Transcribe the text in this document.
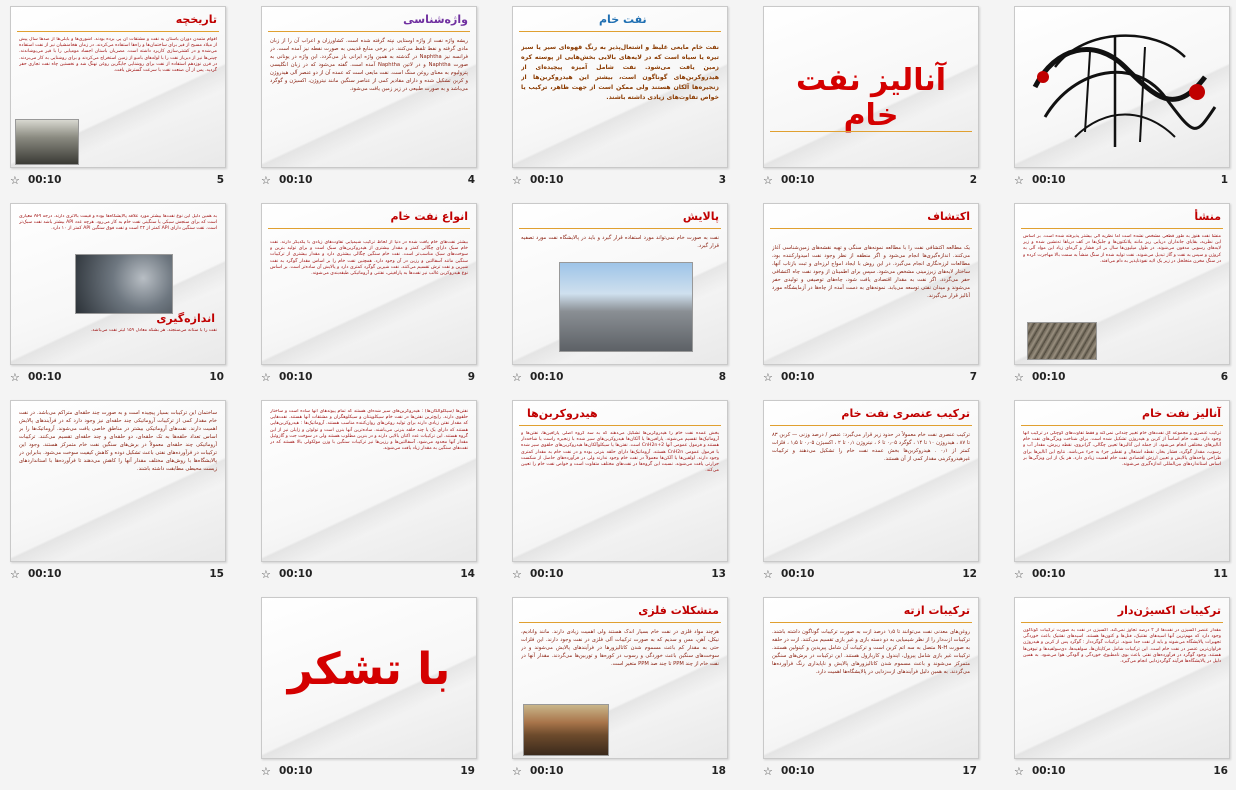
☆ 00:10	1
آنالیز نفت خام
☆ 00:10	2
نفت خام
نفت خام مایعی غلیظ و اشتعال‌پذیر به رنگ قهوه‌ای سیر یا سبز تیره یا سیاه است که در لایه‌های بالایی بخش‌هایی از پوسته کره زمین یافت می‌شود. نفت شامل آمیزه پیچیده‌ای از هیدروکربن‌های گوناگون است، بیشتر این هیدروکربن‌ها از زنجیره‌ها آلکان هستند ولی ممکن است از جهت ظاهر، ترکیب یا خواص تفاوت‌های زیادی داشته باشند.
☆ 00:10	3
واژه‌شناسی
ریشه واژه نفت از واژه اوستایی نپته گرفته شده است. کشاورزان و اعراب آن را از زبان مادی گرفته و نفط تلفظ می‌کنند. در برخی منابع قدیمی به صورت نفطه نیز آمده است. در فرانسه نیز Naphtha در گذشته به همین واژه ایرانی باز می‌گردد. این واژه در یونانی به صورت Naphtha و در لاتین Naphtha آمده است. گفته می‌شود که در زبان انگلیسی پترولیوم به معنای روغن سنگ است. نفت مایعی است که عمده آن از دو عنصر آلی هیدروژن و کربن تشکیل شده و دارای مقادیر کمی از عناصر سنگین مانند نیتروژن، اکسیژن و گوگرد می‌باشد و به صورت طبیعی در زیر زمین یافت می‌شود.
☆ 00:10	4
تاریخچه
اقوام متمدن دوران باستان به نفت و مشتقات آن پی برده بودند. آشوری‌ها و بابلی‌ها از صدها سال پیش از میلاد مسیح از قیر برای ساختمان‌ها و راه‌ها استفاده می‌کردند. در زمان هخامنشیان نیز از نفت استفاده می‌شده و در کشتی‌سازی کاربرد داشته است. مصریان باستان اجساد مومیایی را با قیر می‌پوشاندند. چینی‌ها نیز از دیرباز نفت را با لوله‌های بامبو از زمین استخراج می‌کردند و برای روشنایی به کار می‌بردند. در قرن نوزدهم استفاده از نفت برای روشنایی جایگزین روغن نهنگ شد و نخستین چاه نفت تجاری حفر گردید. پس از آن صنعت نفت با سرعت گسترش یافت.
☆ 00:10	5
منشأ
منشأ نفت هنوز به طور قطعی مشخص نشده است اما نظریه آلی بیشتر پذیرفته شده است. بر اساس این نظریه، بقایای جانداران دریایی ریز مانند پلانکتون‌ها و جلبک‌ها در کف دریاها ته‌نشین شده و زیر لایه‌های رسوبی مدفون می‌شوند. در طول میلیون‌ها سال بر اثر فشار و گرمای زیاد این مواد آلی به کروژن و سپس به نفت و گاز تبدیل می‌شوند. نفت تولید شده از سنگ منشأ به سمت بالا مهاجرت کرده و در سنگ مخزن متخلخل در زیر یک لایه نفوذناپذیر به دام می‌افتد.
☆ 00:10	6
اکتشاف
یک مطالعه اکتشافی نفت را با مطالعه نمونه‌های سنگی و تهیه نقشه‌های زمین‌شناسی آغاز می‌کنند. اندازه‌گیری‌ها انجام می‌شود و اگر منطقه از نظر وجود نفت امیدوارکننده بود، مطالعات لرزه‌نگاری انجام می‌گیرد. در این روش با ایجاد امواج لرزه‌ای و ثبت بازتاب آنها، ساختار لایه‌های زیرزمینی مشخص می‌شود. سپس برای اطمینان از وجود نفت چاه اکتشافی حفر می‌گردد. اگر نفت به مقدار اقتصادی یافت شود، چاه‌های توصیفی و تولیدی حفر می‌شوند و میدان نفتی توسعه می‌یابد. نمونه‌های به دست آمده از چاه‌ها در آزمایشگاه مورد آنالیز قرار می‌گیرند.
☆ 00:10	7
پالایش
نفت به صورت خام نمی‌تواند مورد استفاده قرار گیرد و باید در پالایشگاه نفت مورد تصفیه قرار گیرد.
☆ 00:10	8
انواع نفت خام
بیشتر نفت‌های خام یافت شده در دنیا از لحاظ ترکیب شیمیایی تفاوت‌های زیادی با یکدیگر دارند. نفت خام سبک دارای چگالی کمتر و مقدار بیشتری از هیدروکربن‌های سبک است و برای تولید بنزین و سوخت‌های سبک مناسب‌تر است. نفت خام سنگین چگالی بیشتری دارد و مقدار بیشتری از ترکیبات سنگین مانند آسفالتین و رزین در آن وجود دارد. همچنین نفت خام را بر اساس مقدار گوگرد به نفت شیرین و نفت ترش تقسیم می‌کنند. نفت شیرین گوگرد کمتری دارد و پالایش آن ساده‌تر است. بر اساس نوع هیدروکربن غالب نیز نفت‌ها به پارافینی، نفتنی و آروماتیکی طبقه‌بندی می‌شوند.
☆ 00:10	9
به همین دلیل این نوع نفت‌ها بیشتر مورد علاقه پالایشگاه‌ها بوده و قیمت بالاتری دارند. درجه API معیاری است که برای سنجش سبکی یا سنگینی نفت خام به کار می‌رود. هرچه عدد API بیشتر باشد نفت سبک‌تر است. نفت سنگین دارای API کمتر از ۲۲ است و نفت فوق سنگین API کمتر از ۱۰ دارد.
اندازه‌گیری
نفت را با ستانه می‌سنجند. هر بشکه معادل ۱۵۹ لیتر نفت می‌باشد.
☆ 00:10	10
آنالیز نفت خام
ترکیب عنصری و مجموعه کل نفت‌های خام تغییر چندانی نمی‌کند و فقط تفاوت‌های کوچکی در ترکیب آنها وجود دارد. نفت خام اساساً از کربن و هیدروژن تشکیل شده است. برای شناخت ویژگی‌های نفت خام آنالیزهای مختلفی انجام می‌شود. از جمله این آنالیزها تعیین چگالی، گرانروی، نقطه ریزش، مقدار آب و رسوب، مقدار گوگرد، فشار بخار، نقطه اشتعال و تقطیر جزء به جزء می‌باشد. نتایج این آنالیزها برای طراحی واحدهای پالایش و تعیین ارزش اقتصادی نفت خام اهمیت زیادی دارد. هر یک از این ویژگی‌ها بر اساس استانداردهای بین‌المللی اندازه‌گیری می‌شوند.
☆ 00:10	11
ترکیب عنصری نفت خام
ترکیب عنصری نفت خام معمولاً در حدود زیر قرار می‌گیرد: عنصر / درصد وزنی — کربن ۸۳ تا ۸۷ ، هیدروژن ۱۰ تا ۱۴ ، گوگرد ۰٫۰۵ تا ۶ ، نیتروژن ۰٫۱ تا ۲ ، اکسیژن ۰٫۰۵ تا ۱٫۵ ، فلزات کمتر از ۰٫۱ . هیدروکربن‌ها بخش عمده نفت خام را تشکیل می‌دهند و ترکیبات غیرهیدروکربنی مقدار کمی از آن هستند.
☆ 00:10	12
هیدروکربن‌ها
بخش عمده نفت خام را هیدروکربن‌ها تشکیل می‌دهند که به سه گروه اصلی پارافین‌ها، نفتن‌ها و آروماتیک‌ها تقسیم می‌شوند. پارافین‌ها یا آلکان‌ها هیدروکربن‌های سیر شده با زنجیره راست یا شاخه‌دار هستند و فرمول عمومی آنها CnH2n+2 است. نفتن‌ها یا سیکلوآلکان‌ها هیدروکربن‌های حلقوی سیر شده با فرمول عمومی CnH2n هستند. آروماتیک‌ها دارای حلقه بنزنی بوده و در نفت خام به مقدار کمتری وجود دارند. اولفین‌ها یا آلکن‌ها معمولاً در نفت خام وجود ندارند ولی در فرآورده‌های حاصل از شکست حرارتی یافت می‌شوند. نسبت این گروه‌ها در نفت‌های مختلف متفاوت است و خواص نفت خام را تعیین می‌کند.
☆ 00:10	13
نفتن‌ها (سیکلوآلکان‌ها) : هیدروکربن‌های سیر شده‌ای هستند که تمام پیوندهای آنها ساده است و ساختار حلقوی دارند. رایج‌ترین نفتن‌ها در نفت خام سیکلوپنتان و سیکلوهگزان و مشتقات آنها هستند. نفت‌هایی که مقدار نفتن زیادی دارند برای تولید روغن‌های روان‌کننده مناسب هستند. آروماتیک‌ها : هیدروکربن‌هایی هستند که دارای یک یا چند حلقه بنزنی می‌باشند. ساده‌ترین آنها بنزن است و تولوئن و زایلن نیز از این گروه هستند. این ترکیبات عدد اکتان بالایی دارند و در بنزین مطلوب هستند ولی در سوخت جت و گازوئیل مقدار آنها محدود می‌شود. آسفالتین‌ها و رزین‌ها نیز ترکیبات سنگین با وزن مولکولی بالا هستند که در نفت‌های سنگین به مقدار زیاد یافت می‌شوند.
☆ 00:10	14
ساختمان این ترکیبات بسیار پیچیده است و به صورت چند حلقه‌ای متراکم می‌باشد. در نفت خام مقدار کمی از ترکیبات آروماتیکی چند حلقه‌ای نیز وجود دارد که در فرآیندهای پالایش اهمیت دارند. نفت‌های آروماتیکی بیشتر در مناطق خاصی یافت می‌شوند. آروماتیک‌ها را بر اساس تعداد حلقه‌ها به تک حلقه‌ای، دو حلقه‌ای و چند حلقه‌ای تقسیم می‌کنند. ترکیبات آروماتیکی چند حلقه‌ای معمولاً در برش‌های سنگین نفت خام متمرکز هستند. وجود این ترکیبات در فرآورده‌های نفتی باعث تشکیل دوده و کاهش کیفیت سوخت می‌شود. بنابراین در پالایشگاه‌ها با روش‌های مختلف مقدار آنها را کاهش می‌دهند تا فرآورده‌ها با استانداردهای زیست محیطی مطابقت داشته باشند.
☆ 00:10	15
ترکیبات اکسیژن‌دار
مقدار عنصر اکسیژن در نفت‌ها از ۲ درصد تجاوز نمی‌کند. اکسیژن در نفت به صورت ترکیبات گوناگون وجود دارد که مهم‌ترین آنها اسیدهای نفتنیک، فنل‌ها و کتون‌ها هستند. اسیدهای نفتنیک باعث خوردگی تجهیزات پالایشگاه می‌شوند و باید از نفت جدا شوند. ترکیبات گوگرددار : گوگرد پس از کربن و هیدروژن فراوان‌ترین عنصر در نفت خام است. این ترکیبات شامل مرکاپتان‌ها، سولفیدها، دی‌سولفیدها و تیوفن‌ها هستند. وجود گوگرد در فرآورده‌های نفتی باعث بوی نامطبوع، خوردگی و آلودگی هوا می‌شود. به همین دلیل در پالایشگاه‌ها فرآیند گوگردزدایی انجام می‌گیرد.
☆ 00:10	16
ترکیبات ازته
روغن‌های معدنی نفت می‌توانند تا ۱٫۵ درصد ازت به صورت ترکیبات گوناگون داشته باشند. ترکیبات ازت‌دار را از نظر شیمیایی به دو دسته بازی و غیر بازی تقسیم می‌کنند. ازت در حلقه به صورت N-H متصل به سه اتم کربن است و ترکیبات آن شامل پیریدین و کینولین هستند. ترکیبات غیر بازی شامل پیرول، ایندول و کاربازول هستند. این ترکیبات در برش‌های سنگین متمرکز می‌شوند و باعث مسموم شدن کاتالیزورهای پالایش و ناپایداری رنگ فرآورده‌ها می‌گردند. به همین دلیل فرآیندهای ازت‌زدایی در پالایشگاه‌ها اهمیت دارد.
☆ 00:10	17
متشکلات فلزی
هرچند مواد فلزی در نفت خام بسیار اندک هستند ولی اهمیت زیادی دارند. مانند وانادیم، نیکل، آهن، مس و سدیم که به صورت ترکیبات آلی فلزی در نفت وجود دارند. این فلزات حتی به مقدار کم باعث مسموم شدن کاتالیزورها در فرآیندهای پالایش می‌شوند و در سوخت‌های سنگین باعث خوردگی و رسوب در کوره‌ها و توربین‌ها می‌گردند. مقدار آنها در نفت خام از چند PPM تا چند صد PPM متغیر است.
☆ 00:10	18
با تشکر
☆ 00:10	19
